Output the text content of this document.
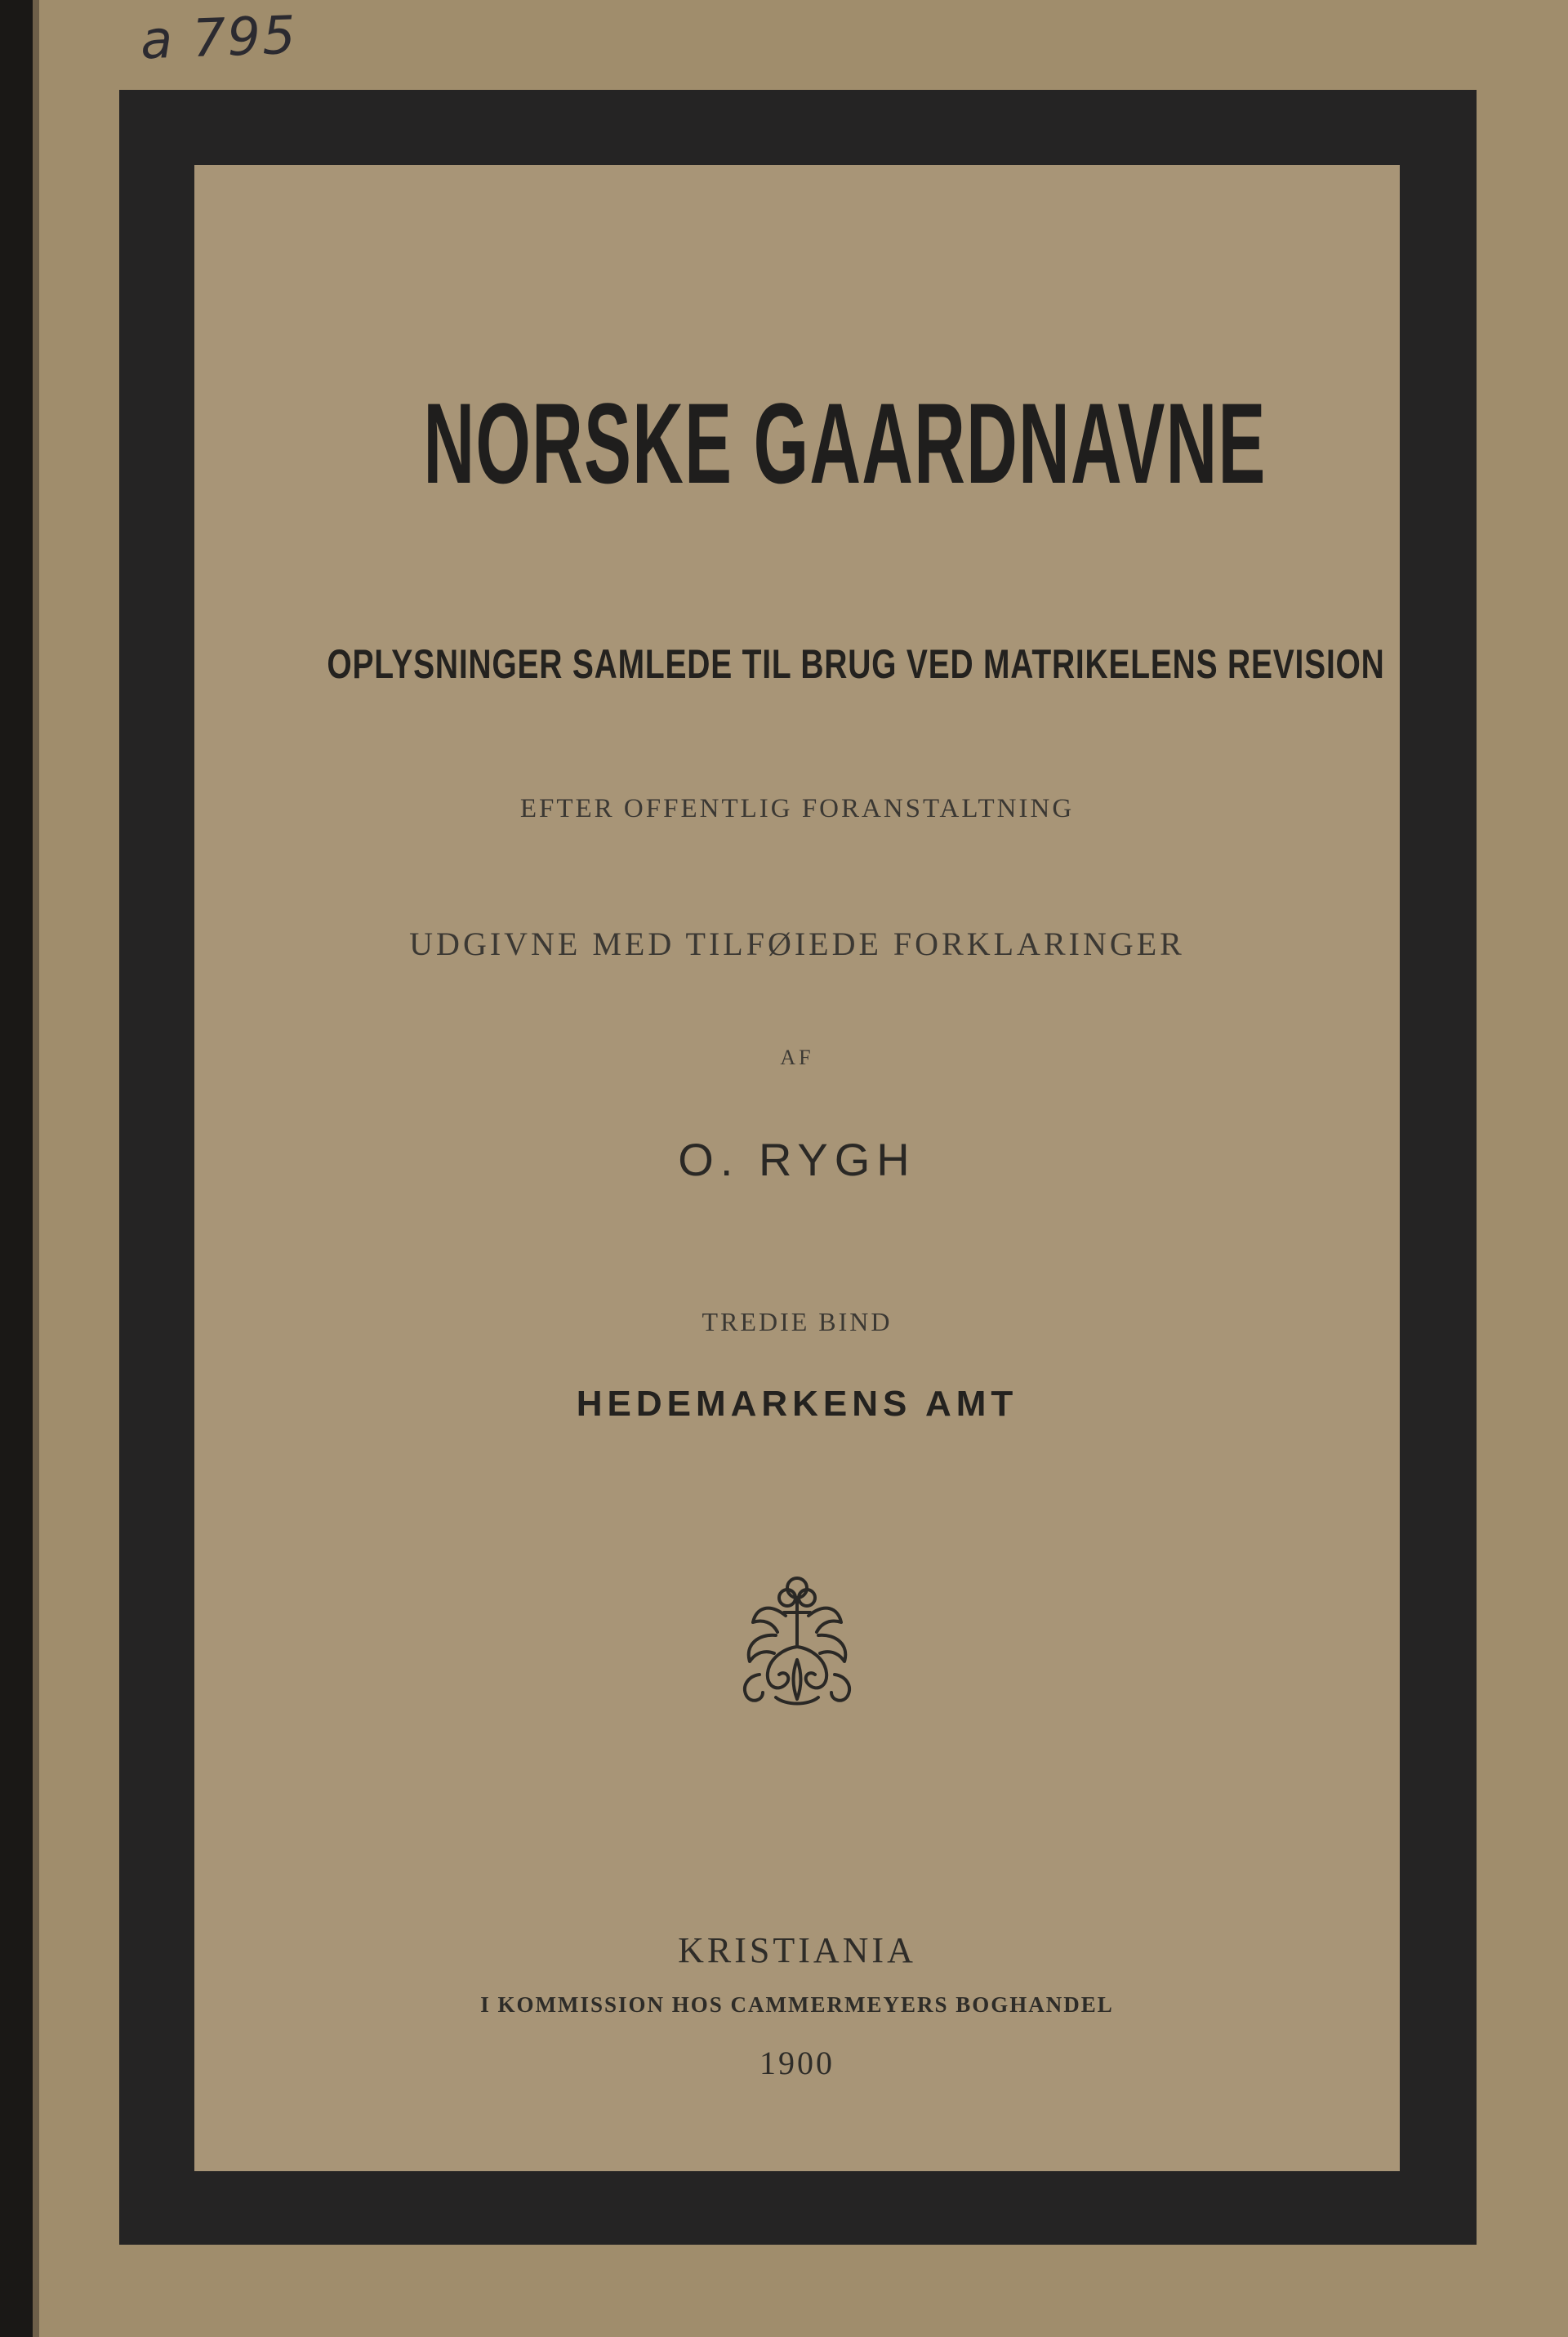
a 795
NORSKE GAARDNAVNE
OPLYSNINGER SAMLEDE TIL BRUG VED MATRIKELENS REVISION
EFTER OFFENTLIG FORANSTALTNING
UDGIVNE MED TILFØIEDE FORKLARINGER
AF
O. RYGH
TREDIE BIND
HEDEMARKENS AMT
KRISTIANIA
I KOMMISSION HOS CAMMERMEYERS BOGHANDEL
1900
